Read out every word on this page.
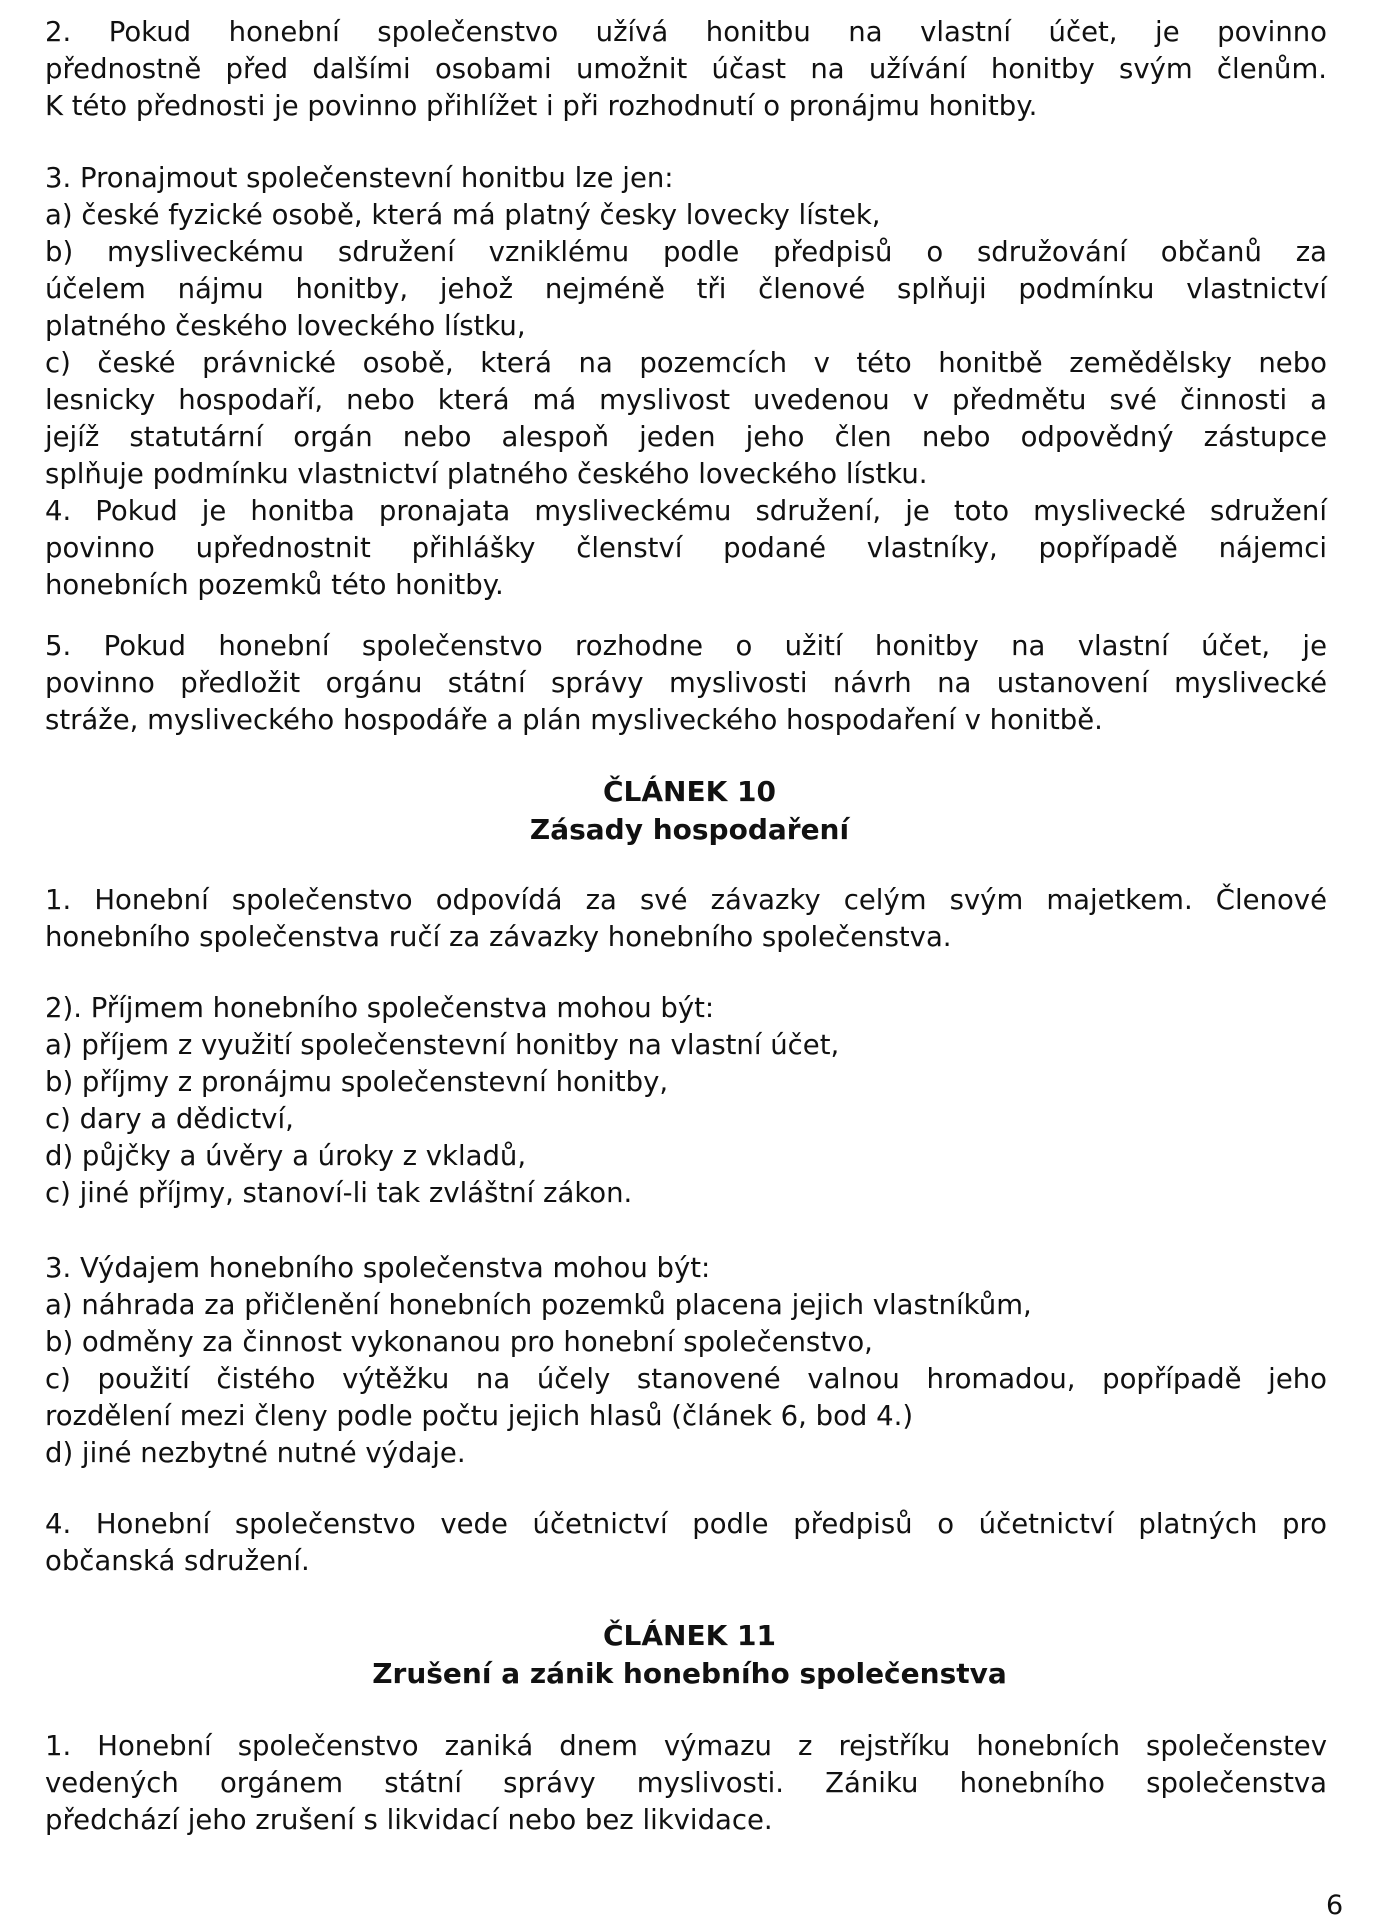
2. Pokud honební společenstvo užívá honitbu na vlastní účet, je povinno
přednostně před dalšími osobami umožnit účast na užívání honitby svým členům.
K této přednosti je povinno přihlížet i při rozhodnutí o pronájmu honitby.
3. Pronajmout společenstevní honitbu lze jen:
a) české fyzické osobě, která má platný česky lovecky lístek,
b) mysliveckému sdružení vzniklému podle předpisů o sdružování občanů za
účelem nájmu honitby, jehož nejméně tři členové splňuji podmínku vlastnictví
platného českého loveckého lístku,
c) české právnické osobě, která na pozemcích v této honitbě zemědělsky nebo
lesnicky hospodaří, nebo která má myslivost uvedenou v předmětu své činnosti a
jejíž statutární orgán nebo alespoň jeden jeho člen nebo odpovědný zástupce
splňuje podmínku vlastnictví platného českého loveckého lístku.
4. Pokud je honitba pronajata mysliveckému sdružení, je toto myslivecké sdružení
povinno upřednostnit přihlášky členství podané vlastníky, popřípadě nájemci
honebních pozemků této honitby.
5. Pokud honební společenstvo rozhodne o užití honitby na vlastní účet, je
povinno předložit orgánu státní správy myslivosti návrh na ustanovení myslivecké
stráže, mysliveckého hospodáře a plán mysliveckého hospodaření v honitbě.
ČLÁNEK 10
Zásady hospodaření
1. Honební společenstvo odpovídá za své závazky celým svým majetkem. Členové
honebního společenstva ručí za závazky honebního společenstva.
2). Příjmem honebního společenstva mohou být:
a) příjem z využití společenstevní honitby na vlastní účet,
b) příjmy z pronájmu společenstevní honitby,
c) dary a dědictví,
d) půjčky a úvěry a úroky z vkladů,
c) jiné příjmy, stanoví-li tak zvláštní zákon.
3. Výdajem honebního společenstva mohou být:
a) náhrada za přičlenění honebních pozemků placena jejich vlastníkům,
b) odměny za činnost vykonanou pro honební společenstvo,
c) použití čistého výtěžku na účely stanovené valnou hromadou, popřípadě jeho
rozdělení mezi členy podle počtu jejich hlasů (článek 6, bod 4.)
d) jiné nezbytné nutné výdaje.
4. Honební společenstvo vede účetnictví podle předpisů o účetnictví platných pro
občanská sdružení.
ČLÁNEK 11
Zrušení a zánik honebního společenstva
1. Honební společenstvo zaniká dnem výmazu z rejstříku honebních společenstev
vedených orgánem státní správy myslivosti. Zániku honebního společenstva
předchází jeho zrušení s likvidací nebo bez likvidace.
6
